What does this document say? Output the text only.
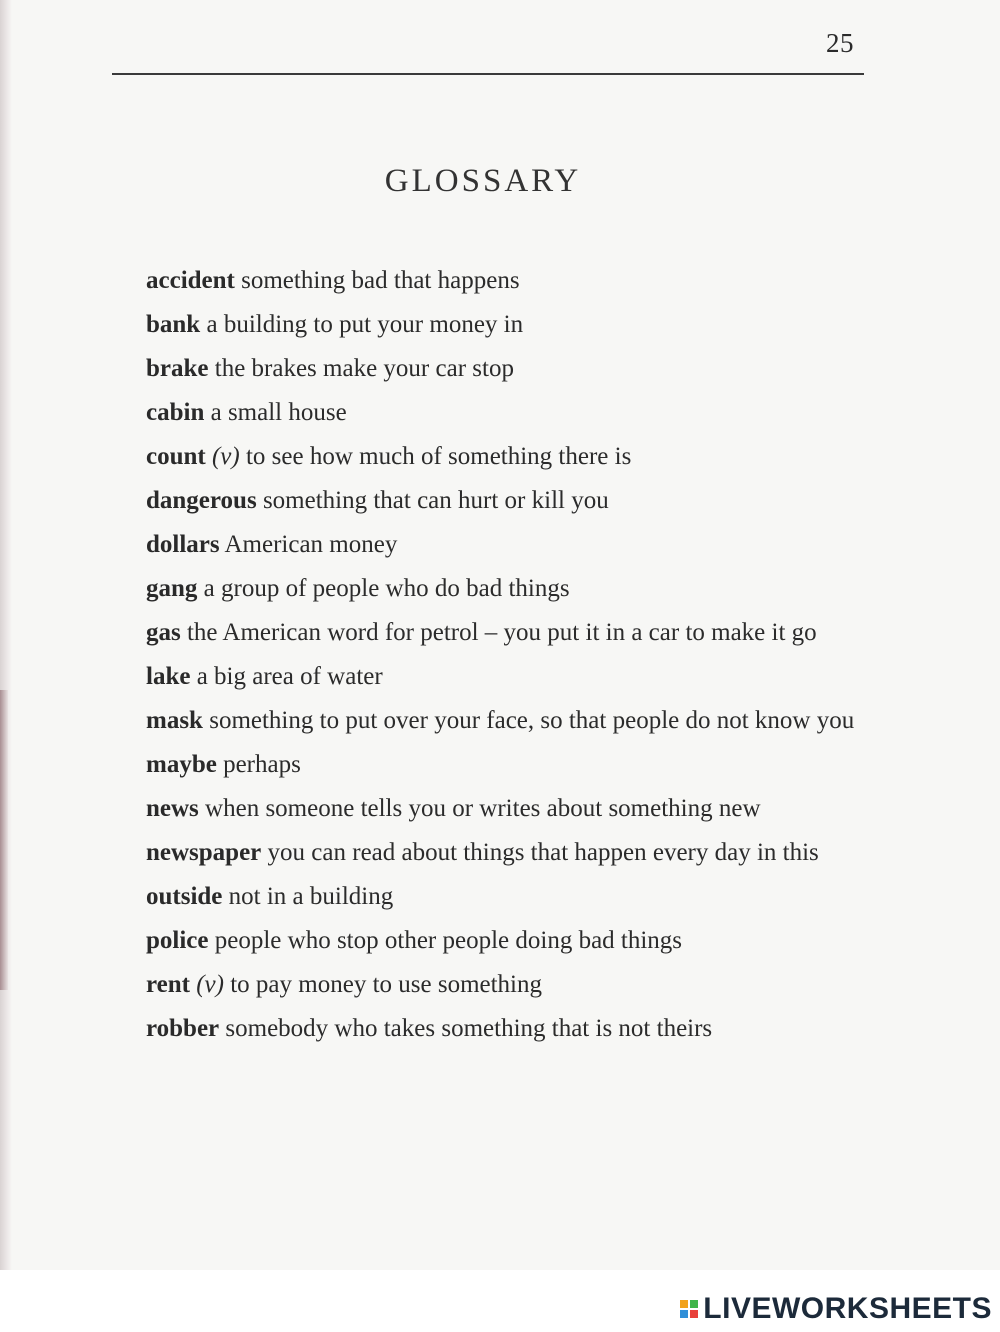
25
GLOSSARY
accident something bad that happens
bank a building to put your money in
brake the brakes make your car stop
cabin a small house
count (v) to see how much of something there is
dangerous something that can hurt or kill you
dollars American money
gang a group of people who do bad things
gas the American word for petrol – you put it in a car to make it go
lake a big area of water
mask something to put over your face, so that people do not know you
maybe perhaps
news when someone tells you or writes about something new
newspaper you can read about things that happen every day in this
outside not in a building
police people who stop other people doing bad things
rent (v) to pay money to use something
robber somebody who takes something that is not theirs
LIVEWORKSHEETS
